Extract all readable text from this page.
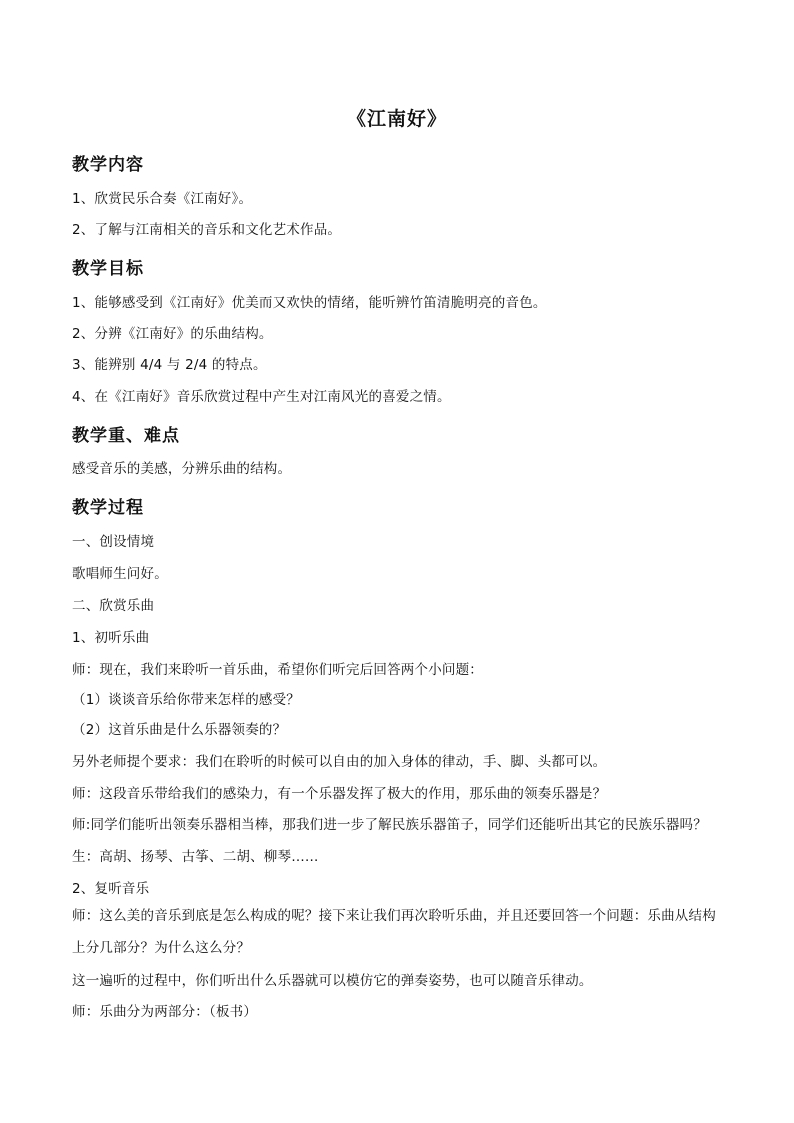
《江南好》
教学内容
1、欣赏民乐合奏《江南好》。
2、了解与江南相关的音乐和文化艺术作品。
教学目标
1、能够感受到《江南好》优美而又欢快的情绪，能听辨竹笛清脆明亮的音色。
2、分辨《江南好》的乐曲结构。
3、能辨别 4/4 与 2/4 的特点。
4、在《江南好》音乐欣赏过程中产生对江南风光的喜爱之情。
教学重、难点
感受音乐的美感，分辨乐曲的结构。
教学过程
一、创设情境
歌唱师生问好。
二、欣赏乐曲
1、初听乐曲
师：现在，我们来聆听一首乐曲，希望你们听完后回答两个小问题：
（1）谈谈音乐给你带来怎样的感受？
（2）这首乐曲是什么乐器领奏的？
另外老师提个要求：我们在聆听的时候可以自由的加入身体的律动，手、脚、头都可以。
师：这段音乐带给我们的感染力，有一个乐器发挥了极大的作用，那乐曲的领奏乐器是？
师:同学们能听出领奏乐器相当棒，那我们进一步了解民族乐器笛子，同学们还能听出其它的民族乐器吗？
生：高胡、扬琴、古筝、二胡、柳琴……
2、复听音乐
师：这么美的音乐到底是怎么构成的呢？接下来让我们再次聆听乐曲，并且还要回答一个问题：乐曲从结构上分几部分？为什么这么分？
这一遍听的过程中，你们听出什么乐器就可以模仿它的弹奏姿势，也可以随音乐律动。
师：乐曲分为两部分：（板书）
